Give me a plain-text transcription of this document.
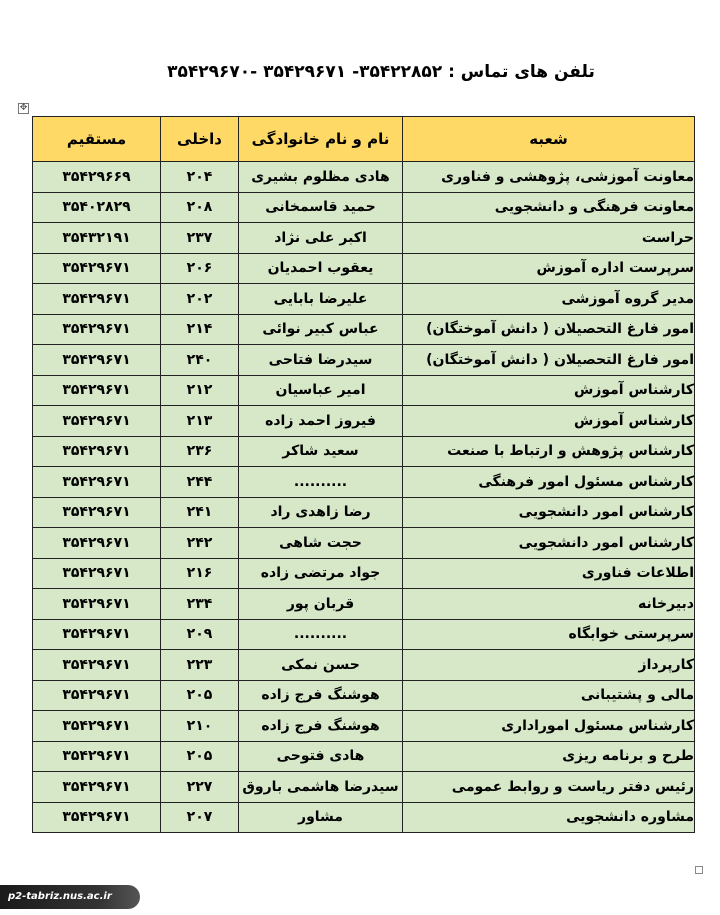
تلفن های تماس : ۳۵۴۲۲۸۵۲- ۳۵۴۲۹۶۷۱ -۳۵۴۲۹۶۷۰
✥
شعبه	نام و نام خانوادگی	داخلی	مستقیم
معاونت آموزشی، پژوهشی و فناوری	هادی مظلوم بشیری	۲۰۴	۳۵۴۲۹۶۶۹
معاونت فرهنگی و دانشجویی	حمید قاسمخانی	۲۰۸	۳۵۴۰۲۸۲۹
حراست	اکبر علی نژاد	۲۳۷	۳۵۴۳۲۱۹۱
سرپرست اداره آموزش	یعقوب احمدیان	۲۰۶	۳۵۴۲۹۶۷۱
مدیر گروه آموزشی	علیرضا بابایی	۲۰۲	۳۵۴۲۹۶۷۱
امور فارغ التحصیلان ( دانش آموختگان)	عباس کبیر نوائی	۲۱۴	۳۵۴۲۹۶۷۱
امور فارغ التحصیلان ( دانش آموختگان)	سیدرضا فتاحی	۲۴۰	۳۵۴۲۹۶۷۱
کارشناس آموزش	امیر عباسیان	۲۱۲	۳۵۴۲۹۶۷۱
کارشناس آموزش	فیروز احمد زاده	۲۱۳	۳۵۴۲۹۶۷۱
کارشناس پژوهش و ارتباط با صنعت	سعید شاکر	۲۳۶	۳۵۴۲۹۶۷۱
کارشناس مسئول امور فرهنگی	..........	۲۴۴	۳۵۴۲۹۶۷۱
کارشناس امور دانشجویی	رضا زاهدی راد	۲۴۱	۳۵۴۲۹۶۷۱
کارشناس امور دانشجویی	حجت شاهی	۲۴۲	۳۵۴۲۹۶۷۱
اطلاعات فناوری	جواد مرتضی زاده	۲۱۶	۳۵۴۲۹۶۷۱
دبیرخانه	قربان پور	۲۳۴	۳۵۴۲۹۶۷۱
سرپرستی خوابگاه	..........	۲۰۹	۳۵۴۲۹۶۷۱
کارپرداز	حسن نمکی	۲۲۳	۳۵۴۲۹۶۷۱
مالی و پشتیبانی	هوشنگ فرج زاده	۲۰۵	۳۵۴۲۹۶۷۱
کارشناس مسئول اموراداری	هوشنگ فرج زاده	۲۱۰	۳۵۴۲۹۶۷۱
طرح و برنامه ریزی	هادی فتوحی	۲۰۵	۳۵۴۲۹۶۷۱
رئیس دفتر ریاست و روابط عمومی	سیدرضا هاشمی باروق	۲۲۷	۳۵۴۲۹۶۷۱
مشاوره دانشجویی	مشاور	۲۰۷	۳۵۴۲۹۶۷۱
p2-tabriz.nus.ac.ir
